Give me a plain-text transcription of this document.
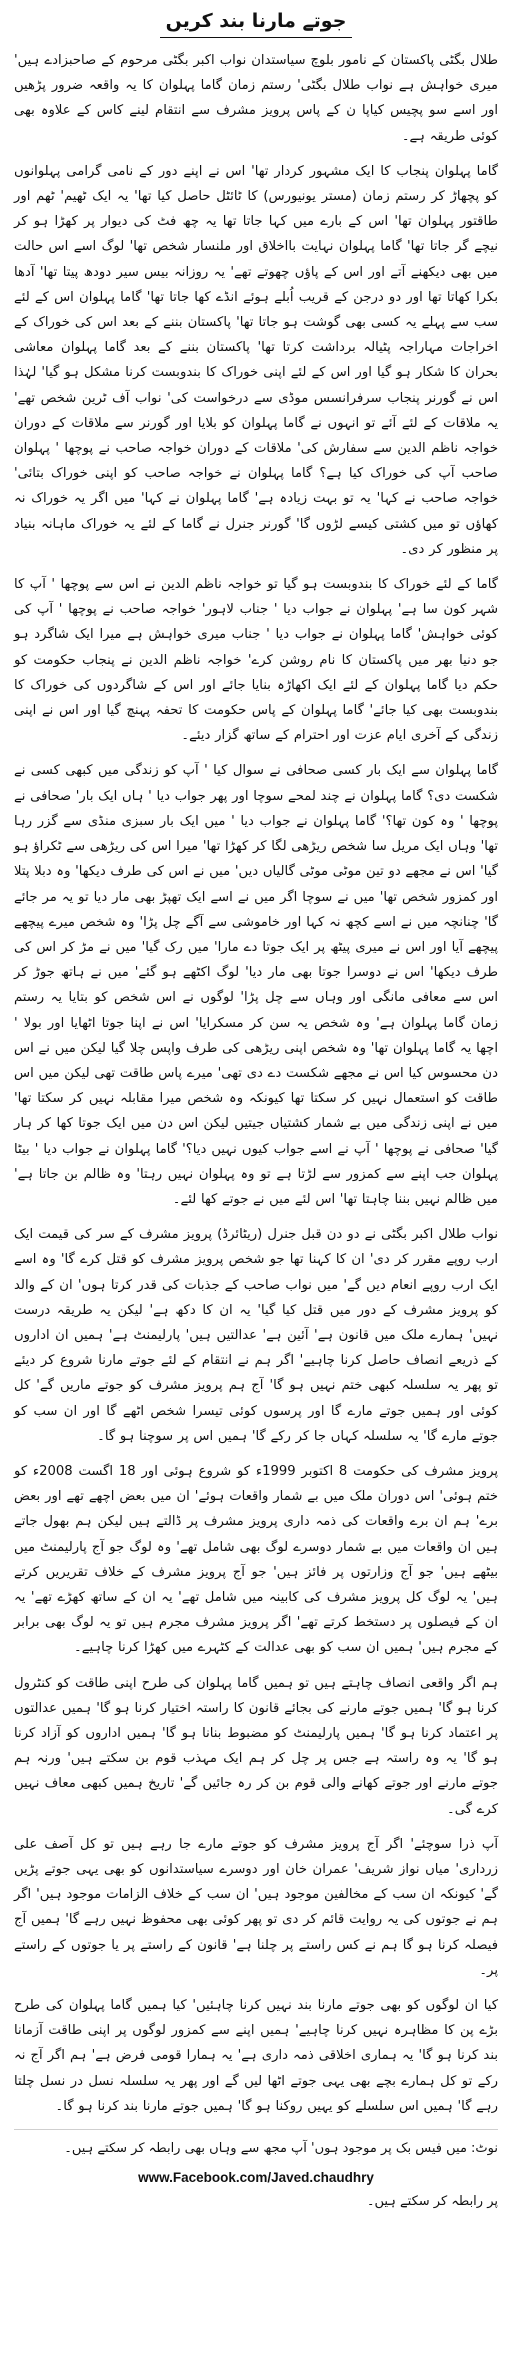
جوتے مارنا بند کریں

طلال بگٹی پاکستان کے نامور بلوچ سیاستدان نواب اکبر بگٹی مرحوم کے صاحبزادے ہیں' میری خواہش ہے نواب طلال بگٹی' رستم زمان گاما پہلوان کا یہ واقعہ ضرور پڑھیں اور اسے سو پچیس کیاپا ن کے پاس پرویز مشرف سے انتقام لینے کاس کے علاوہ بھی کوئی طریقہ ہے۔

گاما پہلوان پنجاب کا ایک مشہور کردار تھا' اس نے اپنے دور کے نامی گرامی پہلوانوں کو پچھاڑ کر رستم زمان (مستر یونیورس) کا ٹائٹل حاصل کیا تھا' یہ ایک ٹھیم' ٹھم اور طاقتور پہلوان تھا' اس کے بارے میں کہا جاتا تھا یہ چھ فٹ کی دیوار پر کھڑا ہو کر نیچے گر جاتا تھا' گاما پہلوان نہایت بااخلاق اور ملنسار شخص تھا' لوگ اسے اس حالت میں بھی دیکھنے آتے اور اس کے پاؤں چھوتے تھے' یہ روزانہ بیس سیر دودھ پیتا تھا' آدھا بکرا کھاتا تھا اور دو درجن کے قریب اُبلے ہوئے انڈے کھا جاتا تھا' گاما پہلوان اس کے لئے سب سے پہلے یہ کسی بھی گوشت ہو جاتا تھا' پاکستان بننے کے بعد اس کی خوراک کے اخراجات مہاراجہ پٹیالہ برداشت کرتا تھا' پاکستان بننے کے بعد گاما پہلوان معاشی بحران کا شکار ہو گیا اور اس کے لئے اپنی خوراک کا بندوبست کرنا مشکل ہو گیا' لہٰذا اس نے گورنر پنجاب سرفرانسس موڈی سے درخواست کی' نواب آف ٹرین شخص تھے' یہ ملاقات کے لئے آئے تو انہوں نے گاما پہلوان کو بلایا اور گورنر سے ملاقات کے دوران خواجہ ناظم الدین سے سفارش کی' ملاقات کے دوران خواجہ صاحب نے پوچھا ' پہلوان صاحب آپ کی خوراک کیا ہے؟ گاما پہلوان نے خواجہ صاحب کو اپنی خوراک بتائی' خواجہ صاحب نے کہا' یہ تو بہت زیادہ ہے' گاما پہلوان نے کہا' میں اگر یہ خوراک نہ کھاؤں تو میں کشتی کیسے لڑوں گا' گورنر جنرل نے گاما کے لئے یہ خوراک ماہانہ بنیاد پر منظور کر دی۔

گاما کے لئے خوراک کا بندوبست ہو گیا تو خواجہ ناظم الدین نے اس سے پوچھا ' آپ کا شہر کون سا ہے' پہلوان نے جواب دیا ' جناب لاہور' خواجہ صاحب نے پوچھا ' آپ کی کوئی خواہش' گاما پہلوان نے جواب دیا ' جناب میری خواہش ہے میرا ایک شاگرد ہو جو دنیا بھر میں پاکستان کا نام روشن کرے' خواجہ ناظم الدین نے پنجاب حکومت کو حکم دیا گاما پہلوان کے لئے ایک اکھاڑہ بنایا جائے اور اس کے شاگردوں کی خوراک کا بندوبست بھی کیا جائے' گاما پہلوان کے پاس حکومت کا تحفہ پہنچ گیا اور اس نے اپنی زندگی کے آخری ایام عزت اور احترام کے ساتھ گزار دیئے۔

گاما پہلوان سے ایک بار کسی صحافی نے سوال کیا ' آپ کو زندگی میں کبھی کسی نے شکست دی؟ گاما پہلوان نے چند لمحے سوچا اور پھر جواب دیا ' ہاں ایک بار' صحافی نے پوچھا ' وہ کون تھا؟' گاما پہلوان نے جواب دیا ' میں ایک بار سبزی منڈی سے گزر رہا تھا' وہاں ایک مریل سا شخص ریڑھی لگا کر کھڑا تھا' میرا اس کی ریڑھی سے ٹکراؤ ہو گیا' اس نے مجھے دو تین موٹی موٹی گالیاں دیں' میں نے اس کی طرف دیکھا' وہ دبلا پتلا اور کمزور شخص تھا' میں نے سوچا اگر میں نے اسے ایک تھپڑ بھی مار دیا تو یہ مر جائے گا' چنانچہ میں نے اسے کچھ نہ کہا اور خاموشی سے آگے چل پڑا' وہ شخص میرے پیچھے پیچھے آیا اور اس نے میری پیٹھ پر ایک جوتا دے مارا' میں رک گیا' میں نے مڑ کر اس کی طرف دیکھا' اس نے دوسرا جوتا بھی مار دیا' لوگ اکٹھے ہو گئے' میں نے ہاتھ جوڑ کر اس سے معافی مانگی اور وہاں سے چل پڑا' لوگوں نے اس شخص کو بتایا یہ رستم زمان گاما پہلوان ہے' وہ شخص یہ سن کر مسکرایا' اس نے اپنا جوتا اٹھایا اور بولا ' اچھا یہ گاما پہلوان تھا' وہ شخص اپنی ریڑھی کی طرف واپس چلا گیا لیکن میں نے اس دن محسوس کیا اس نے مجھے شکست دے دی تھی' میرے پاس طاقت تھی لیکن میں اس طاقت کو استعمال نہیں کر سکتا تھا کیونکہ وہ شخص میرا مقابلہ نہیں کر سکتا تھا' میں نے اپنی زندگی میں بے شمار کشتیاں جیتیں لیکن اس دن میں ایک جوتا کھا کر ہار گیا' صحافی نے پوچھا ' آپ نے اسے جواب کیوں نہیں دیا؟' گاما پہلوان نے جواب دیا ' بیٹا پہلوان جب اپنے سے کمزور سے لڑتا ہے تو وہ پہلوان نہیں رہتا' وہ ظالم بن جاتا ہے' میں ظالم نہیں بننا چاہتا تھا' اس لئے میں نے جوتے کھا لئے۔

نواب طلال اکبر بگٹی نے دو دن قبل جنرل (ریٹائرڈ) پرویز مشرف کے سر کی قیمت ایک ارب روپے مقرر کر دی' ان کا کہنا تھا جو شخص پرویز مشرف کو قتل کرے گا' وہ اسے ایک ارب روپے انعام دیں گے' میں نواب صاحب کے جذبات کی قدر کرتا ہوں' ان کے والد کو پرویز مشرف کے دور میں قتل کیا گیا' یہ ان کا دکھ ہے' لیکن یہ طریقہ درست نہیں' ہمارے ملک میں قانون ہے' آئین ہے' عدالتیں ہیں' پارلیمنٹ ہے' ہمیں ان اداروں کے ذریعے انصاف حاصل کرنا چاہیے' اگر ہم نے انتقام کے لئے جوتے مارنا شروع کر دیئے تو پھر یہ سلسلہ کبھی ختم نہیں ہو گا' آج ہم پرویز مشرف کو جوتے ماریں گے' کل کوئی اور ہمیں جوتے مارے گا اور پرسوں کوئی تیسرا شخص اٹھے گا اور ان سب کو جوتے مارے گا' یہ سلسلہ کہاں جا کر رکے گا' ہمیں اس پر سوچنا ہو گا۔

پرویز مشرف کی حکومت 8 اکتوبر 1999ء کو شروع ہوئی اور 18 اگست 2008ء کو ختم ہوئی' اس دوران ملک میں بے شمار واقعات ہوئے' ان میں بعض اچھے تھے اور بعض برے' ہم ان برے واقعات کی ذمہ داری پرویز مشرف پر ڈالتے ہیں لیکن ہم بھول جاتے ہیں ان واقعات میں بے شمار دوسرے لوگ بھی شامل تھے' وہ لوگ جو آج پارلیمنٹ میں بیٹھے ہیں' جو آج وزارتوں پر فائز ہیں' جو آج پرویز مشرف کے خلاف تقریریں کرتے ہیں' یہ لوگ کل پرویز مشرف کی کابینہ میں شامل تھے' یہ ان کے ساتھ کھڑے تھے' یہ ان کے فیصلوں پر دستخط کرتے تھے' اگر پرویز مشرف مجرم ہیں تو یہ لوگ بھی برابر کے مجرم ہیں' ہمیں ان سب کو بھی عدالت کے کٹہرے میں کھڑا کرنا چاہیے۔

ہم اگر واقعی انصاف چاہتے ہیں تو ہمیں گاما پہلوان کی طرح اپنی طاقت کو کنٹرول کرنا ہو گا' ہمیں جوتے مارنے کی بجائے قانون کا راستہ اختیار کرنا ہو گا' ہمیں عدالتوں پر اعتماد کرنا ہو گا' ہمیں پارلیمنٹ کو مضبوط بنانا ہو گا' ہمیں اداروں کو آزاد کرنا ہو گا' یہ وہ راستہ ہے جس پر چل کر ہم ایک مہذب قوم بن سکتے ہیں' ورنہ ہم جوتے مارنے اور جوتے کھانے والی قوم بن کر رہ جائیں گے' تاریخ ہمیں کبھی معاف نہیں کرے گی۔

آپ ذرا سوچئے' اگر آج پرویز مشرف کو جوتے مارے جا رہے ہیں تو کل آصف علی زرداری' میاں نواز شریف' عمران خان اور دوسرے سیاستدانوں کو بھی یہی جوتے پڑیں گے' کیونکہ ان سب کے مخالفین موجود ہیں' ان سب کے خلاف الزامات موجود ہیں' اگر ہم نے جوتوں کی یہ روایت قائم کر دی تو پھر کوئی بھی محفوظ نہیں رہے گا' ہمیں آج فیصلہ کرنا ہو گا ہم نے کس راستے پر چلنا ہے' قانون کے راستے پر یا جوتوں کے راستے پر۔

کیا ان لوگوں کو بھی جوتے مارنا بند نہیں کرنا چاہئیں' کیا ہمیں گاما پہلوان کی طرح بڑے پن کا مظاہرہ نہیں کرنا چاہیے' ہمیں اپنے سے کمزور لوگوں پر اپنی طاقت آزمانا بند کرنا ہو گا' یہ ہماری اخلاقی ذمہ داری ہے' یہ ہمارا قومی فرض ہے' ہم اگر آج نہ رکے تو کل ہمارے بچے بھی یہی جوتے اٹھا لیں گے اور پھر یہ سلسلہ نسل در نسل چلتا رہے گا' ہمیں اس سلسلے کو یہیں روکنا ہو گا' ہمیں جوتے مارنا بند کرنا ہو گا۔

نوٹ: میں فیس بک پر موجود ہوں' آپ مجھ سے وہاں بھی رابطہ کر سکتے ہیں۔

www.Facebook.com/Javed.chaudhry

پر رابطہ کر سکتے ہیں۔
